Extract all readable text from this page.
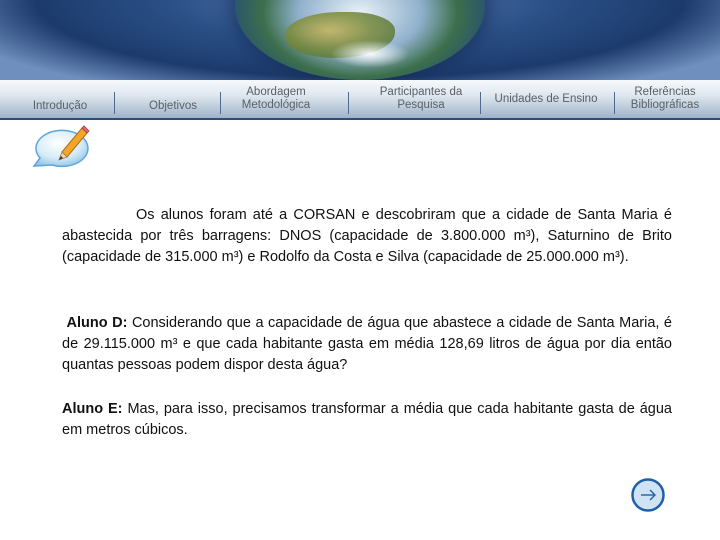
Introdução	Objetivos
Abordagem Metodológica
Participantes da Pesquisa
Unidades de Ensino
Referências Bibliográficas
Os alunos foram até a CORSAN e descobriram que a cidade de Santa Maria é abastecida por três barragens: DNOS (capacidade de 3.800.000 m³), Saturnino de Brito (capacidade de 315.000 m³) e Rodolfo da Costa e Silva (capacidade de 25.000.000 m³).
Aluno D: Considerando que a capacidade de água que abastece a cidade de Santa Maria, é de 29.115.000 m³ e que cada habitante gasta em média 128,69 litros de água por dia então quantas pessoas podem dispor desta água?
Aluno E: Mas, para isso, precisamos transformar a média que cada habitante gasta de água em metros cúbicos.
